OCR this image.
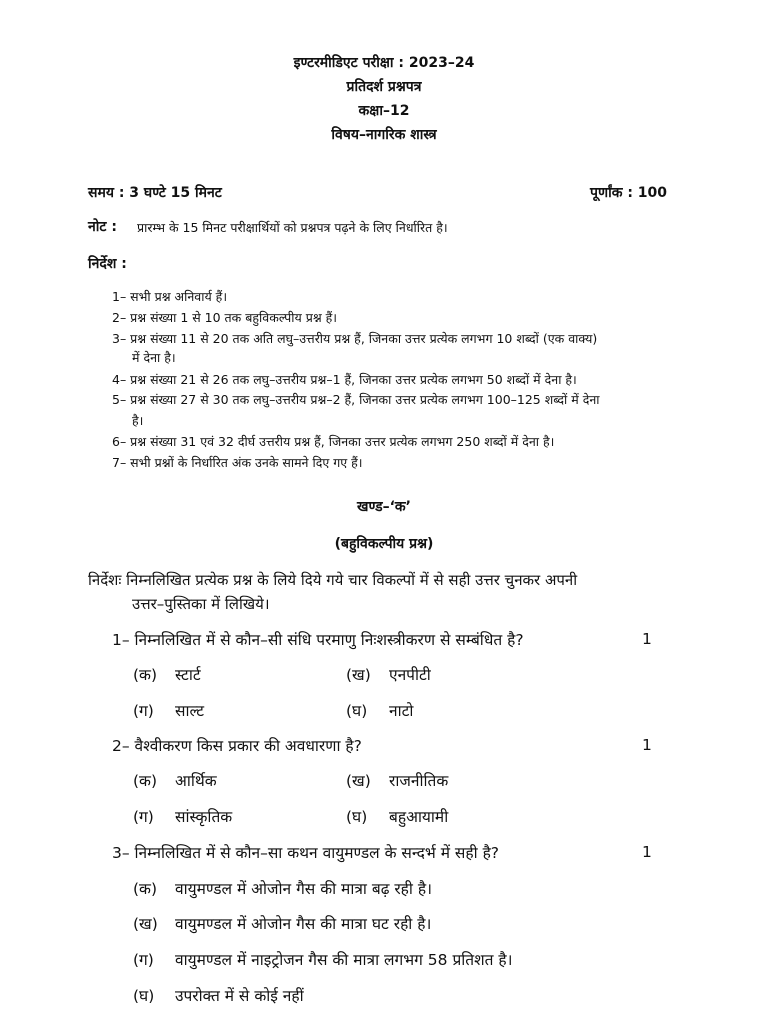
इण्टरमीडिएट परीक्षा : 2023–24
प्रतिदर्श प्रश्नपत्र
कक्षा–12
विषय–नागरिक शास्त्र
समय : 3 घण्टे 15 मिनट	पूर्णांक : 100
नोट : प्रारम्भ के 15 मिनट परीक्षार्थियों को प्रश्नपत्र पढ़ने के लिए निर्धारित है।
निर्देश :
1– सभी प्रश्न अनिवार्य हैं।
2– प्रश्न संख्या 1 से 10 तक बहुविकल्पीय प्रश्न हैं।
3– प्रश्न संख्या 11 से 20 तक अति लघु–उत्तरीय प्रश्न हैं, जिनका उत्तर प्रत्येक लगभग 10 शब्दों (एक वाक्य)
में देना है।
4– प्रश्न संख्या 21 से 26 तक लघु–उत्तरीय प्रश्न–1 हैं, जिनका उत्तर प्रत्येक लगभग 50 शब्दों में देना है।
5– प्रश्न संख्या 27 से 30 तक लघु–उत्तरीय प्रश्न–2 हैं, जिनका उत्तर प्रत्येक लगभग 100–125 शब्दों में देना
है।
6– प्रश्न संख्या 31 एवं 32 दीर्घ उत्तरीय प्रश्न हैं, जिनका उत्तर प्रत्येक लगभग 250 शब्दों में देना है।
7– सभी प्रश्नों के निर्धारित अंक उनके सामने दिए गए हैं।
खण्ड–‘क’
(बहुविकल्पीय प्रश्न)
निर्देशः निम्नलिखित प्रत्येक प्रश्न के लिये दिये गये चार विकल्पों में से सही उत्तर चुनकर अपनी
उत्तर–पुस्तिका में लिखिये।
1– निम्नलिखित में से कौन–सी संधि परमाणु निःशस्त्रीकरण से सम्बंधित है?	1
(क) स्टार्ट	(ख) एनपीटी
(ग) साल्ट	(घ) नाटो
2– वैश्वीकरण किस प्रकार की अवधारणा है?	1
(क) आर्थिक	(ख) राजनीतिक
(ग) सांस्कृतिक	(घ) बहुआयामी
3– निम्नलिखित में से कौन–सा कथन वायुमण्डल के सन्दर्भ में सही है?	1
(क) वायुमण्डल में ओजोन गैस की मात्रा बढ़ रही है।
(ख) वायुमण्डल में ओजोन गैस की मात्रा घट रही है।
(ग) वायुमण्डल में नाइट्रोजन गैस की मात्रा लगभग 58 प्रतिशत है।
(घ) उपरोक्त में से कोई नहीं
